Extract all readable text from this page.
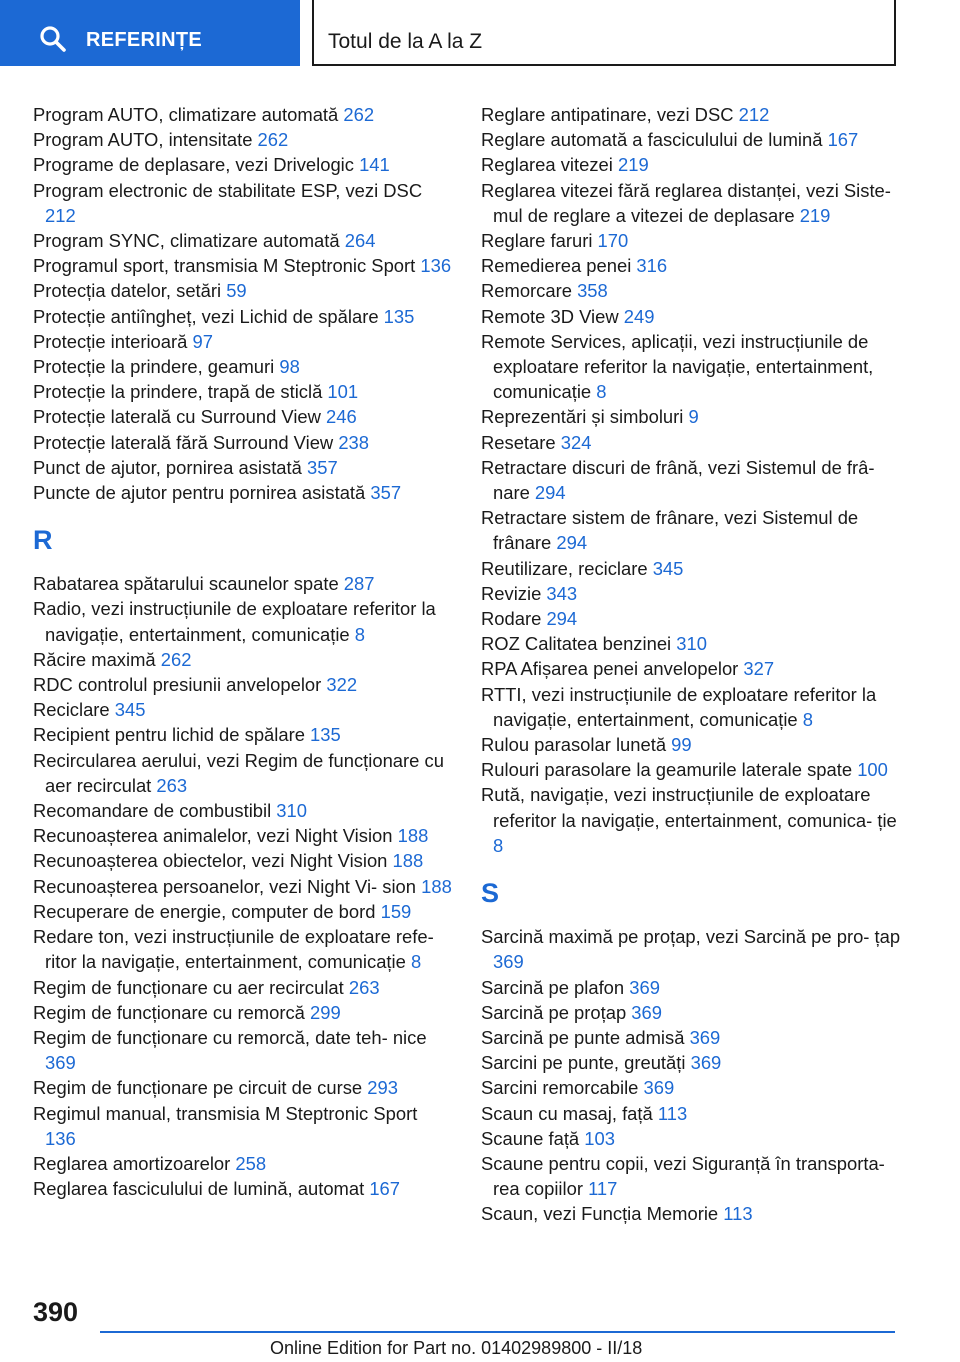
REFERINȚE	Totul de la A la Z
Program AUTO, climatizare automată 262
Program AUTO, intensitate 262
Programe de deplasare, vezi Drivelogic 141
Program electronic de stabilitate ESP, vezi DSC 212
Program SYNC, climatizare automată 264
Programul sport, transmisia M Steptronic Sport 136
Protecția datelor, setări 59
Protecție antiîngheț, vezi Lichid de spălare 135
Protecție interioară 97
Protecție la prindere, geamuri 98
Protecție la prindere, trapă de sticlă 101
Protecție laterală cu Surround View 246
Protecție laterală fără Surround View 238
Punct de ajutor, pornirea asistată 357
Puncte de ajutor pentru pornirea asistată 357
R
Rabatarea spătarului scaunelor spate 287
Radio, vezi instrucțiunile de exploatare referitor la navigație, entertainment, comunicație 8
Răcire maximă 262
RDC controlul presiunii anvelopelor 322
Reciclare 345
Recipient pentru lichid de spălare 135
Recircularea aerului, vezi Regim de funcționare cu aer recirculat 263
Recomandare de combustibil 310
Recunoașterea animalelor, vezi Night Vision 188
Recunoașterea obiectelor, vezi Night Vision 188
Recunoașterea persoanelor, vezi Night Vi‐ sion 188
Recuperare de energie, computer de bord 159
Redare ton, vezi instrucțiunile de exploatare refe‐ ritor la navigație, entertainment, comunicație 8
Regim de funcționare cu aer recirculat 263
Regim de funcționare cu remorcă 299
Regim de funcționare cu remorcă, date teh‐ nice 369
Regim de funcționare pe circuit de curse 293
Regimul manual, transmisia M Steptronic Sport 136
Reglarea amortizoarelor 258
Reglarea fasciculului de lumină, automat 167
Reglare antipatinare, vezi DSC 212
Reglare automată a fasciculului de lumină 167
Reglarea vitezei 219
Reglarea vitezei fără reglarea distanței, vezi Siste‐ mul de reglare a vitezei de deplasare 219
Reglare faruri 170
Remedierea penei 316
Remorcare 358
Remote 3D View 249
Remote Services, aplicații, vezi instrucțiunile de exploatare referitor la navigație, entertainment, comunicație 8
Reprezentări și simboluri 9
Resetare 324
Retractare discuri de frână, vezi Sistemul de frâ‐ nare 294
Retractare sistem de frânare, vezi Sistemul de frânare 294
Reutilizare, reciclare 345
Revizie 343
Rodare 294
ROZ Calitatea benzinei 310
RPA Afișarea penei anvelopelor 327
RTTI, vezi instrucțiunile de exploatare referitor la navigație, entertainment, comunicație 8
Rulou parasolar lunetă 99
Rulouri parasolare la geamurile laterale spate 100
Rută, navigație, vezi instrucțiunile de exploatare referitor la navigație, entertainment, comunica‐ ție 8
S
Sarcină maximă pe proțap, vezi Sarcină pe pro‐ țap 369
Sarcină pe plafon 369
Sarcină pe proțap 369
Sarcină pe punte admisă 369
Sarcini pe punte, greutăți 369
Sarcini remorcabile 369
Scaun cu masaj, față 113
Scaune față 103
Scaune pentru copii, vezi Siguranță în transporta‐ rea copiilor 117
Scaun, vezi Funcția Memorie 113
390
Online Edition for Part no. 01402989800 - II/18
